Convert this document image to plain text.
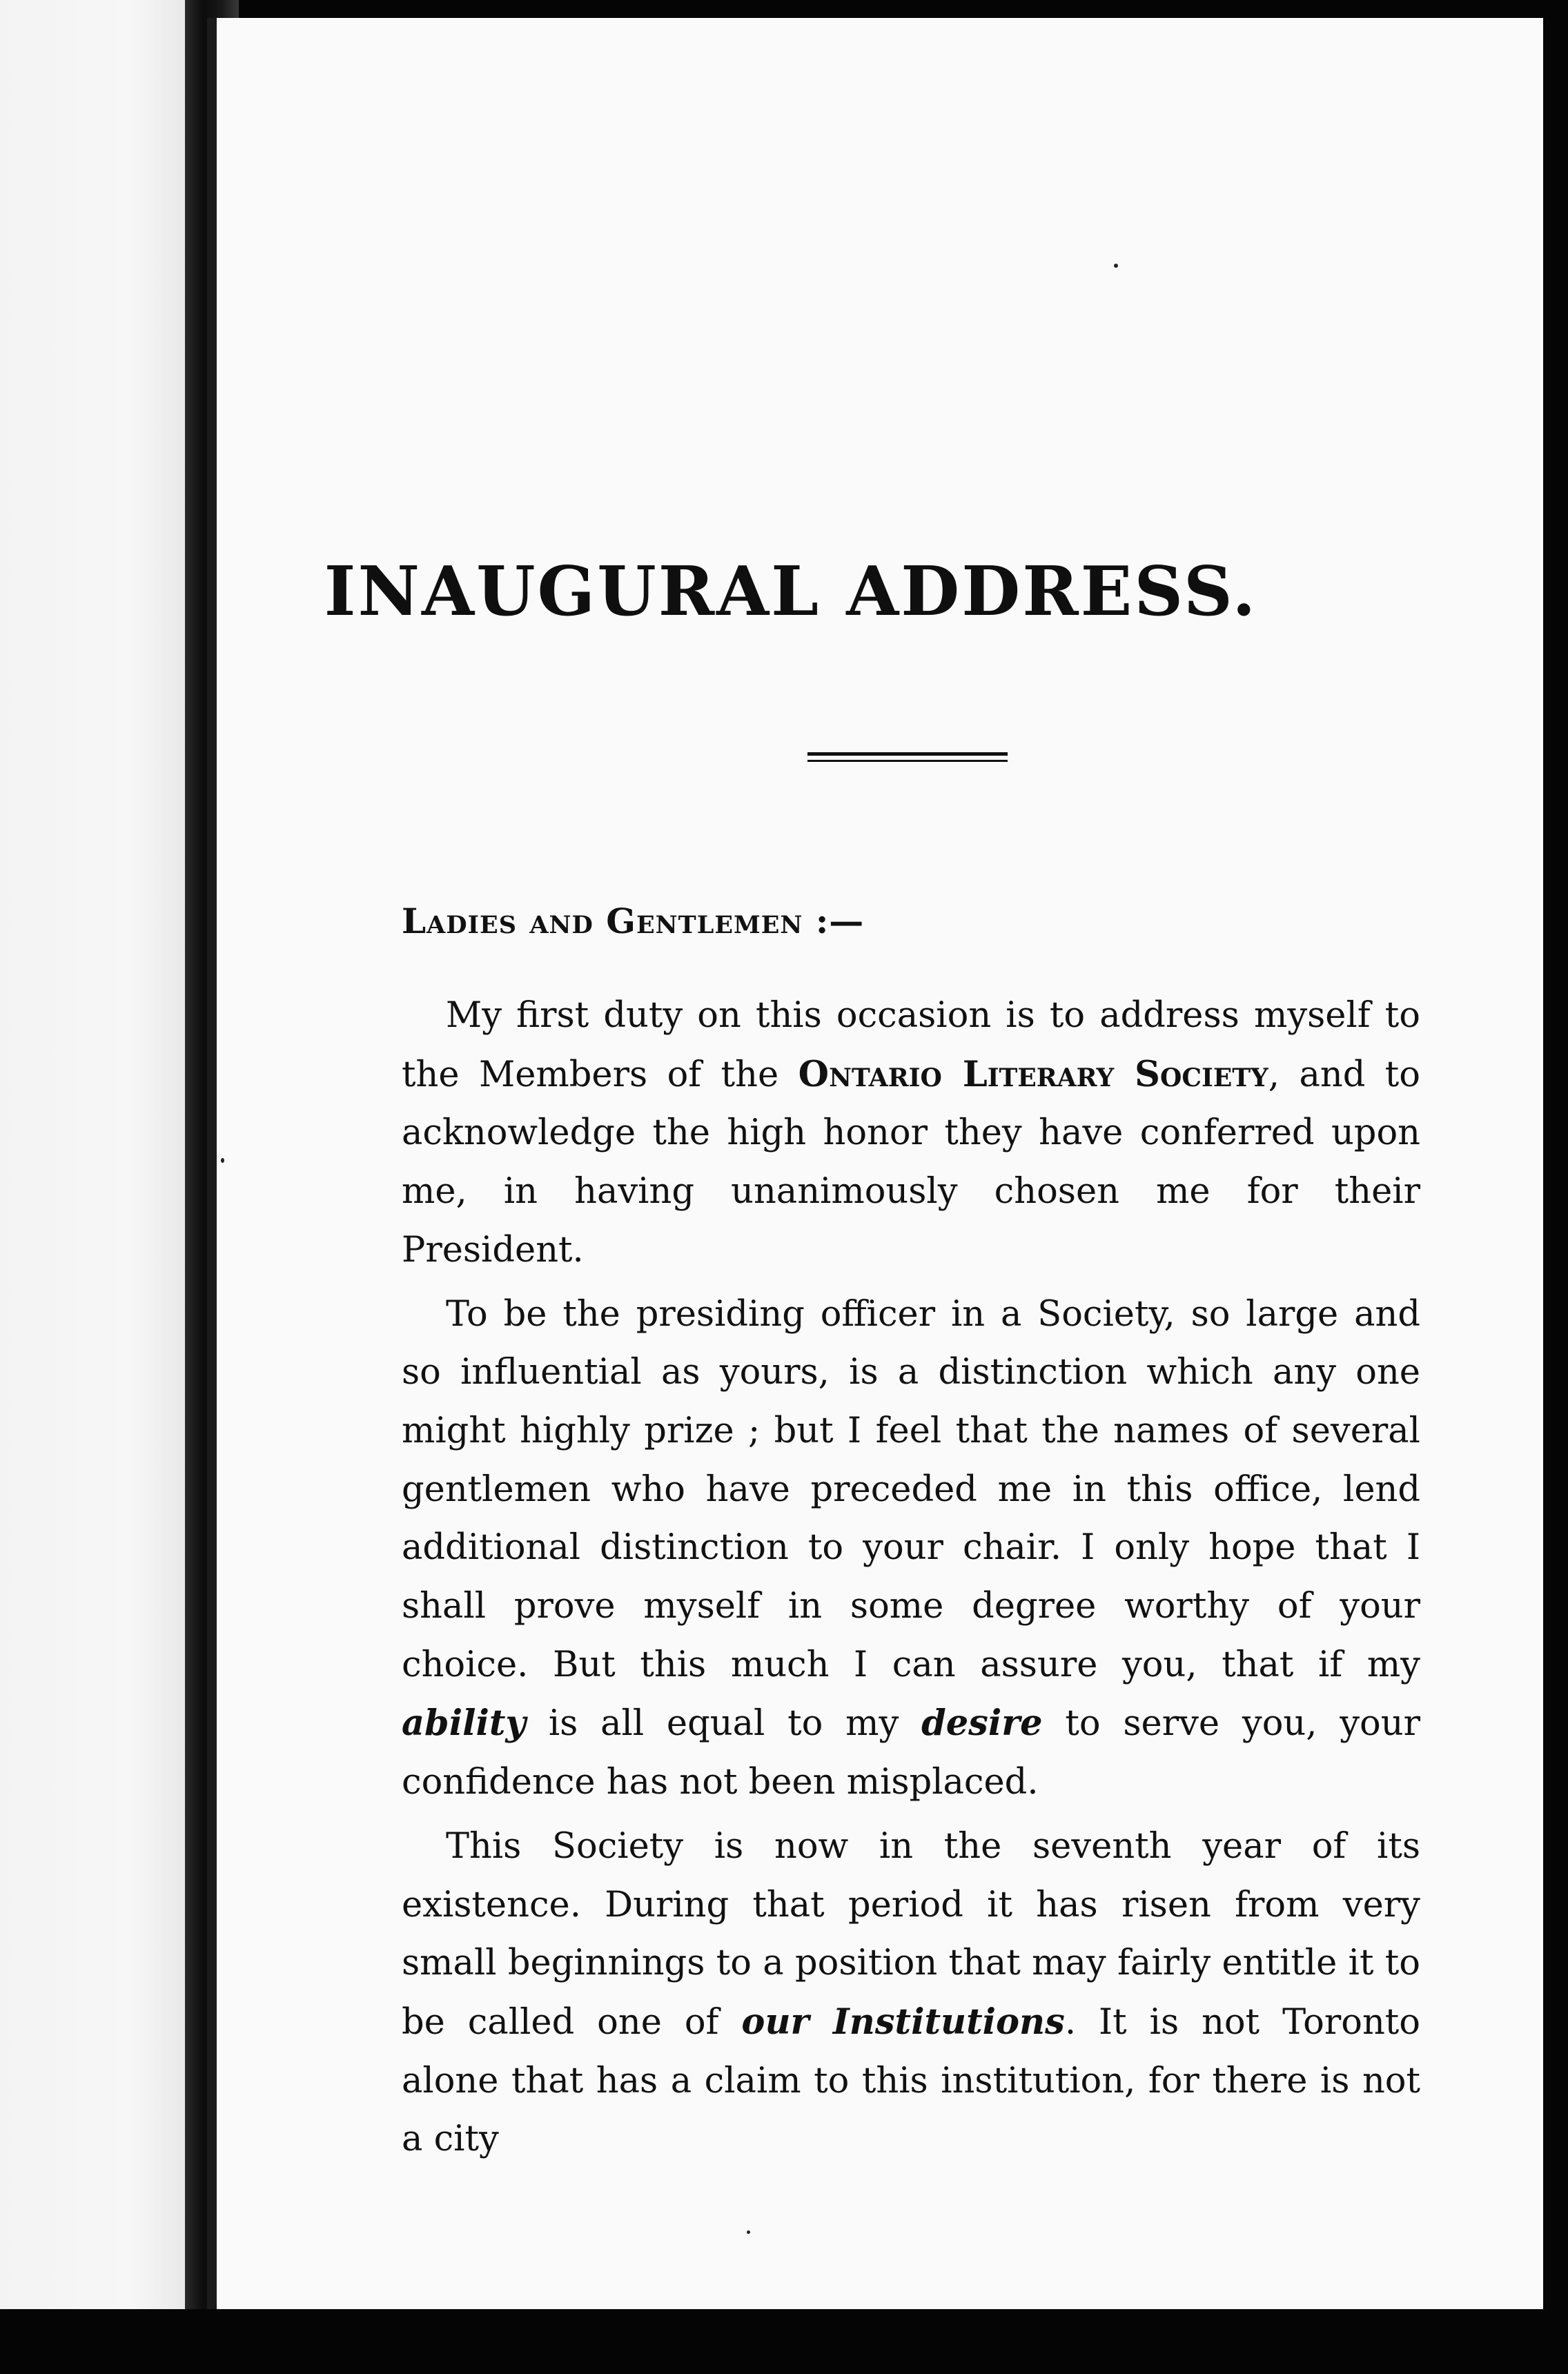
INAUGURAL ADDRESS.
Ladies and Gentlemen :—

My first duty on this occasion is to address myself to the Members of the Ontario Literary Society, and to acknowledge the high honor they have conferred upon me, in having unanimously chosen me for their President.

To be the presiding officer in a Society, so large and so influential as yours, is a distinction which any one might highly prize ; but I feel that the names of several gentlemen who have preceded me in this office, lend additional distinction to your chair. I only hope that I shall prove myself in some degree worthy of your choice. But this much I can assure you, that if my ability is all equal to my desire to serve you, your confidence has not been misplaced.

This Society is now in the seventh year of its existence. During that period it has risen from very small beginnings to a position that may fairly entitle it to be called one of our Institutions. It is not Toronto alone that has a claim to this institution, for there is not a city
